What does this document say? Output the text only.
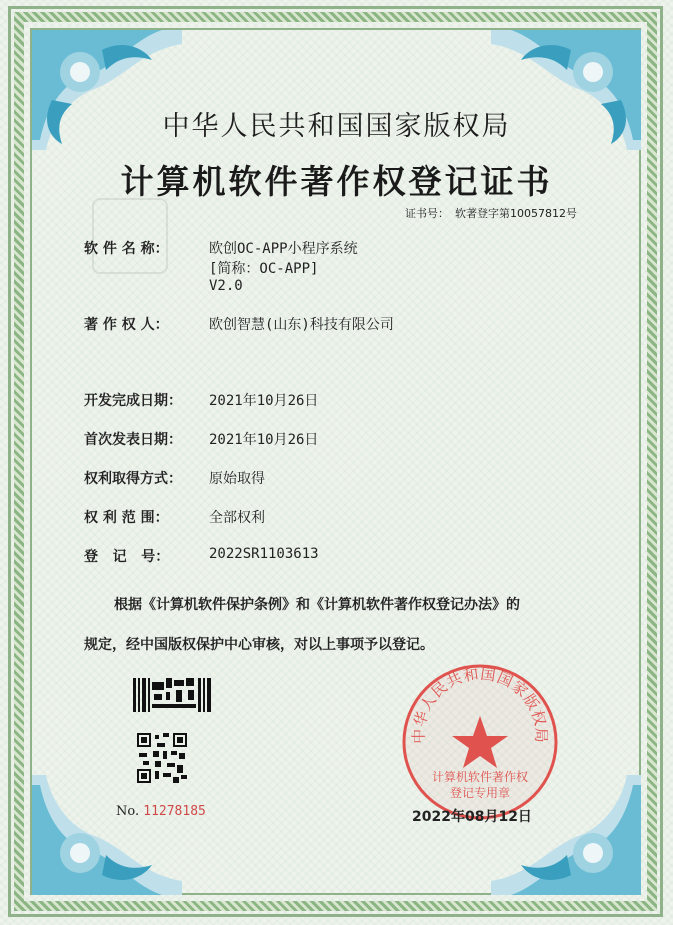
中华人民共和国国家版权局
计算机软件著作权登记证书
证书号： 软著登字第10057812号
软 件 名 称：	欧创OC-APP小程序系统
[简称：OC-APP]
V2.0
著 作 权 人：	欧创智慧(山东)科技有限公司
开发完成日期：	2021年10月26日
首次发表日期：	2021年10月26日
权利取得方式：	原始取得
权 利 范 围：	全部权利
登   记   号：	2022SR1103613
根据《计算机软件保护条例》和《计算机软件著作权登记办法》的
规定，经中国版权保护中心审核，对以上事项予以登记。
No. 11278185
中华人民共和国国家版权局
计算机软件著作权
登记专用章
2022年08月12日
